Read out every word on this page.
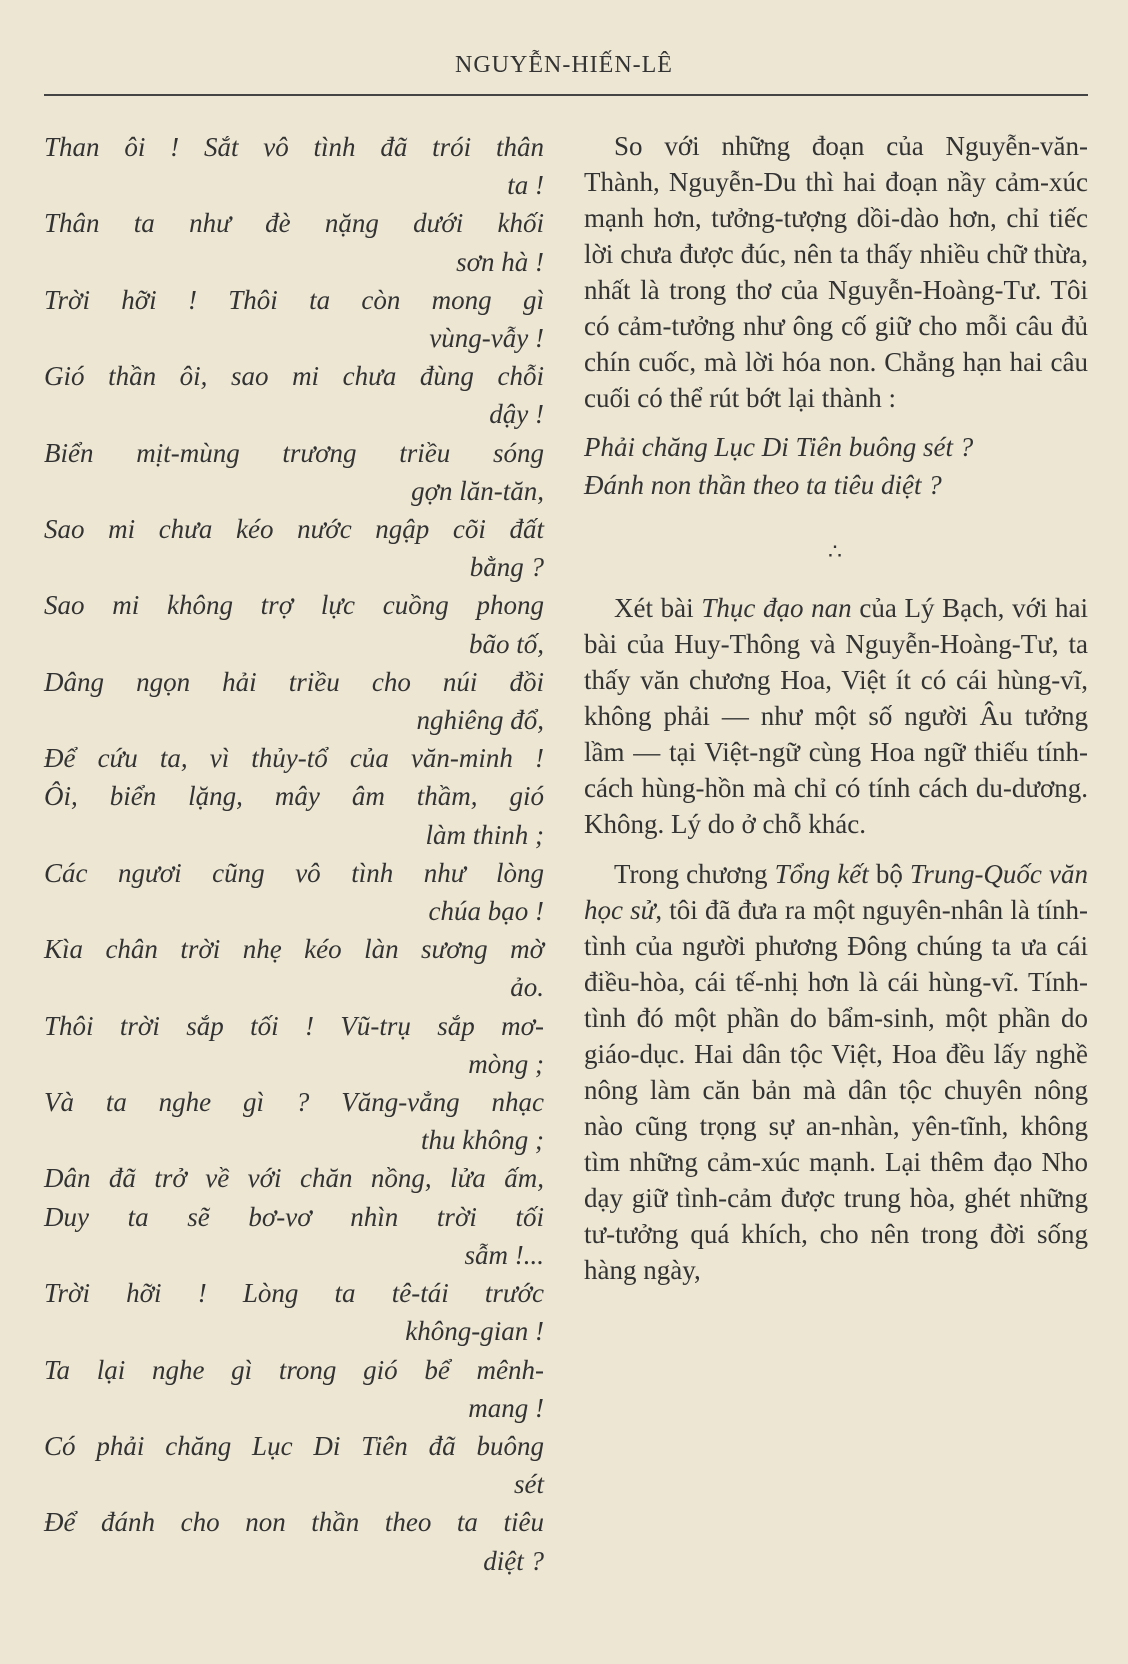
NGUYỄN-HIẾN-LÊ
Than ôi ! Sắt vô tình đã trói thân
ta !
Thân ta như đè nặng dưới khối
sơn hà !
Trời hỡi ! Thôi ta còn mong gì
vùng-vẫy !
Gió thần ôi, sao mi chưa đùng chỗi
dậy !
Biển mịt-mùng trương triều sóng
gợn lăn-tăn,
Sao mi chưa kéo nước ngập cõi đất
bằng ?
Sao mi không trợ lực cuồng phong
bão tố,
Dâng ngọn hải triều cho núi đồi
nghiêng đổ,
Để cứu ta, vì thủy-tổ của văn-minh !
Ôi, biển lặng, mây âm thầm, gió
làm thinh ;
Các ngươi cũng vô tình như lòng
chúa bạo !
Kìa chân trời nhẹ kéo làn sương mờ
ảo.
Thôi trời sắp tối ! Vũ-trụ sắp mơ-
mòng ;
Và ta nghe gì ? Văng-vẳng nhạc
thu không ;
Dân đã trở về với chăn nồng, lửa ấm,
Duy ta sẽ bơ-vơ nhìn trời tối
sẫm !...
Trời hỡi ! Lòng ta tê-tái trước
không-gian !
Ta lại nghe gì trong gió bể mênh-
mang !
Có phải chăng Lục Di Tiên đã buông
sét
Để đánh cho non thần theo ta tiêu
diệt ?

So với những đoạn của Nguyễn-văn-Thành, Nguyễn-Du thì hai đoạn nầy cảm-xúc mạnh hơn, tưởng-tượng dồi-dào hơn, chỉ tiếc lời chưa được đúc, nên ta thấy nhiều chữ thừa, nhất là trong thơ của Nguyễn-Hoàng-Tư. Tôi có cảm-tưởng như ông cố giữ cho mỗi câu đủ chín cuốc, mà lời hóa non. Chẳng hạn hai câu cuối có thể rút bớt lại thành :

Phải chăng Lục Di Tiên buông sét ?
Đánh non thần theo ta tiêu diệt ?
∴

Xét bài Thục đạo nan của Lý Bạch, với hai bài của Huy-Thông và Nguyễn-Hoàng-Tư, ta thấy văn chương Hoa, Việt ít có cái hùng-vĩ, không phải — như một số người Âu tưởng lầm — tại Việt-ngữ cùng Hoa ngữ thiếu tính-cách hùng-hồn mà chỉ có tính cách du-dương. Không. Lý do ở chỗ khác.

Trong chương Tổng kết bộ Trung-Quốc văn học sử, tôi đã đưa ra một nguyên-nhân là tính-tình của người phương Đông chúng ta ưa cái điều-hòa, cái tế-nhị hơn là cái hùng-vĩ. Tính-tình đó một phần do bẩm-sinh, một phần do giáo-dục. Hai dân tộc Việt, Hoa đều lấy nghề nông làm căn bản mà dân tộc chuyên nông nào cũng trọng sự an-nhàn, yên-tĩnh, không tìm những cảm-xúc mạnh. Lại thêm đạo Nho dạy giữ tình-cảm được trung hòa, ghét những tư-tưởng quá khích, cho nên trong đời sống hàng ngày,
